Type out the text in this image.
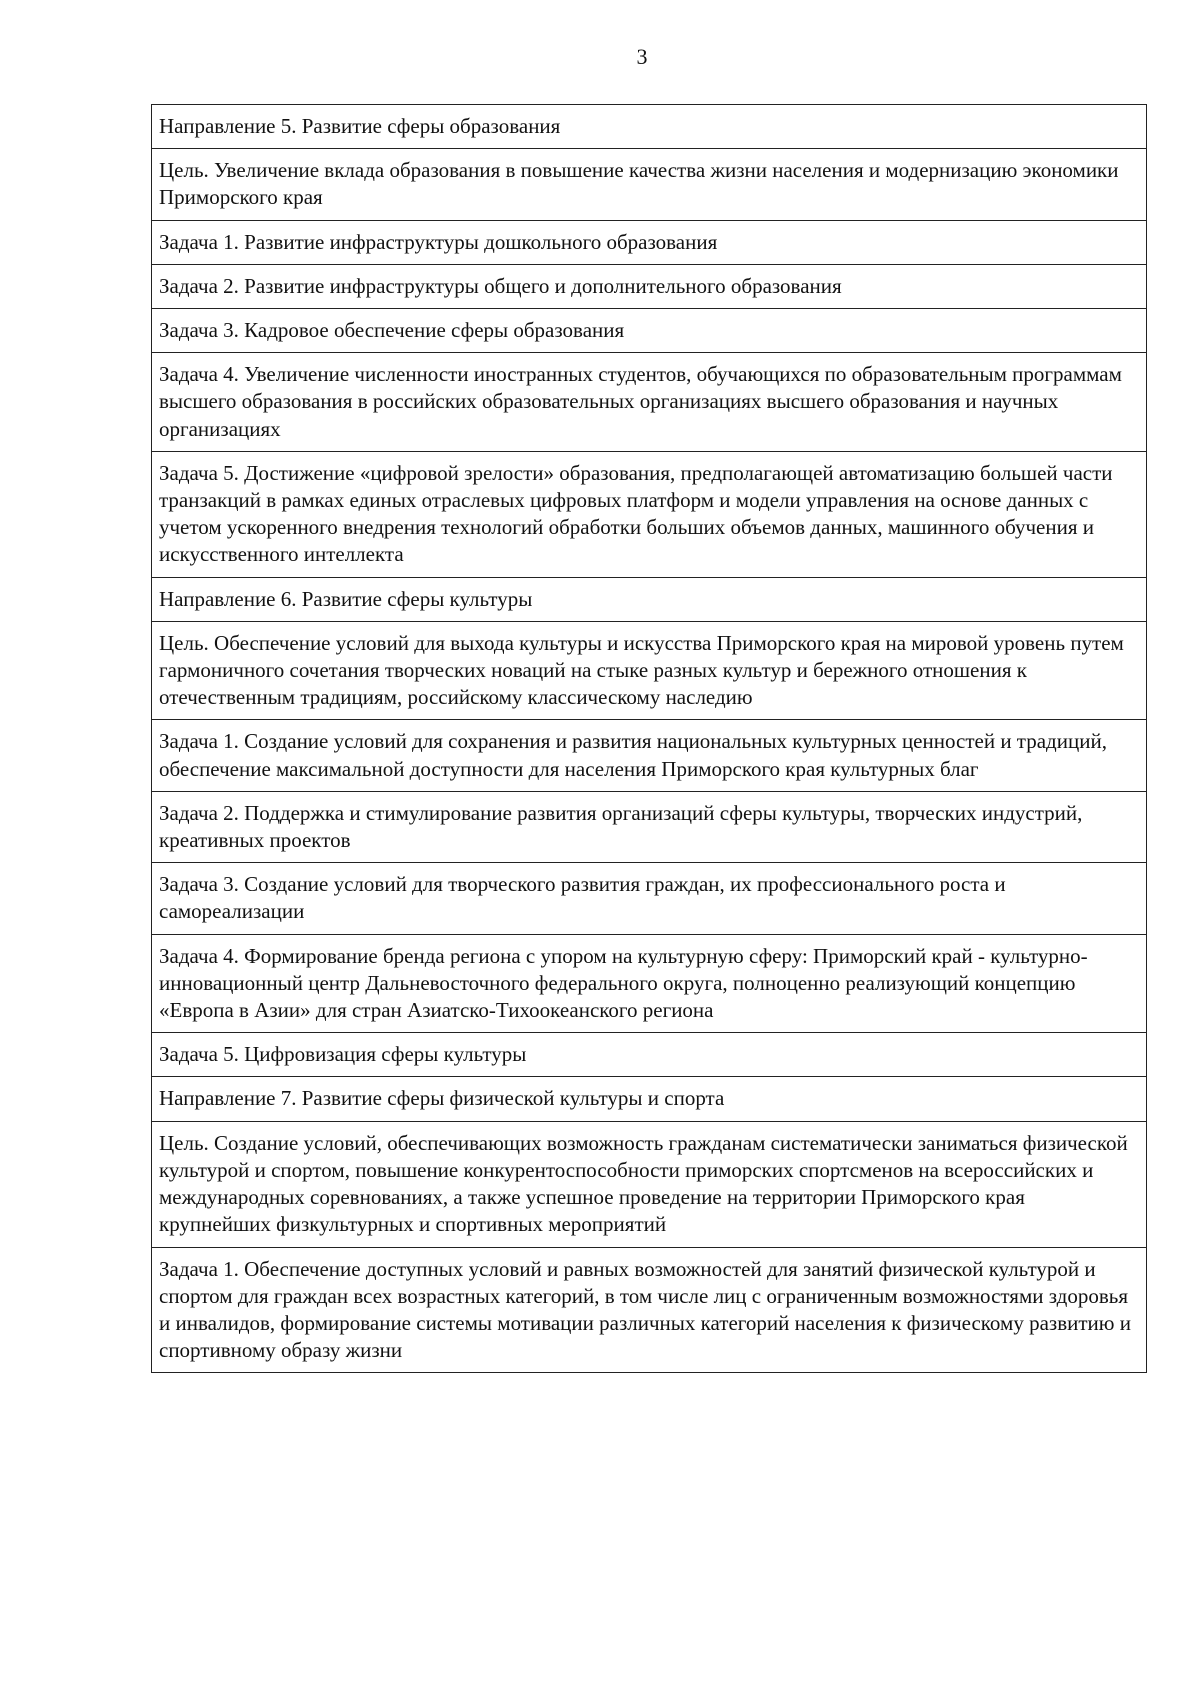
3
Направление 5. Развитие сферы образования
Цель. Увеличение вклада образования в повышение качества жизни населения и модернизацию экономики Приморского края
Задача 1. Развитие инфраструктуры дошкольного образования
Задача 2. Развитие инфраструктуры общего и дополнительного образования
Задача 3. Кадровое обеспечение сферы образования
Задача 4. Увеличение численности иностранных студентов, обучающихся по образовательным программам высшего образования в российских образовательных организациях высшего образования и научных организациях
Задача 5. Достижение «цифровой зрелости» образования, предполагающей автоматизацию большей части транзакций в рамках единых отраслевых цифровых платформ и модели управления на основе данных с учетом ускоренного внедрения технологий обработки больших объемов данных, машинного обучения и искусственного интеллекта
Направление 6. Развитие сферы культуры
Цель. Обеспечение условий для выхода культуры и искусства Приморского края на мировой уровень путем гармоничного сочетания творческих новаций на стыке разных культур и бережного отношения к отечественным традициям, российскому классическому наследию
Задача 1. Создание условий для сохранения и развития национальных культурных ценностей и традиций, обеспечение максимальной доступности для населения Приморского края культурных благ
Задача 2. Поддержка и стимулирование развития организаций сферы культуры, творческих индустрий, креативных проектов
Задача 3. Создание условий для творческого развития граждан, их профессионального роста и самореализации
Задача 4. Формирование бренда региона с упором на культурную сферу: Приморский край - культурно-инновационный центр Дальневосточного федерального округа, полноценно реализующий концепцию «Европа в Азии» для стран Азиатско-Тихоокеанского региона
Задача 5. Цифровизация сферы культуры
Направление 7. Развитие сферы физической культуры и спорта
Цель. Создание условий, обеспечивающих возможность гражданам систематически заниматься физической культурой и спортом, повышение конкурентоспособности приморских спортсменов на всероссийских и международных соревнованиях, а также успешное проведение на территории Приморского края крупнейших физкультурных и спортивных мероприятий
Задача 1. Обеспечение доступных условий и равных возможностей для занятий физической культурой и спортом для граждан всех возрастных категорий, в том числе лиц с ограниченным возможностями здоровья и инвалидов, формирование системы мотивации различных категорий населения к физическому развитию и спортивному образу жизни
